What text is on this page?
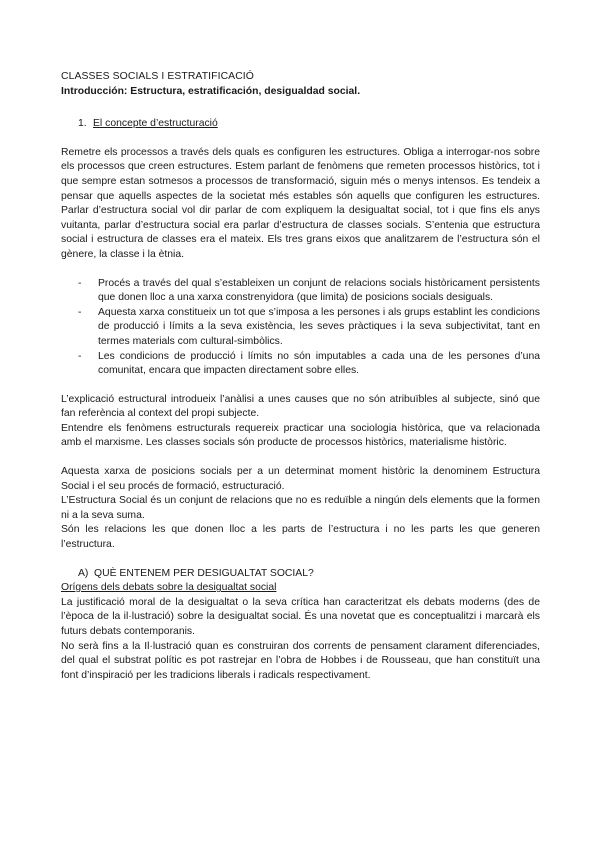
CLASSES SOCIALS I ESTRATIFICACIÓ
Introducción: Estructura, estratificación, desigualdad social.
1. El concepte d’estructuració

Remetre els processos a través dels quals es configuren les estructures. Obliga a interrogar-nos sobre els processos que creen estructures. Estem parlant de fenòmens que remeten processos històrics, tot i que sempre estan sotmesos a processos de transformació, siguin més o menys intensos. Es tendeix a pensar que aquells aspectes de la societat més estables són aquells que configuren les estructures. Parlar d’estructura social vol dir parlar de com expliquem la desigualtat social, tot i que fins els anys vuitanta, parlar d’estructura social era parlar d’estructura de classes socials. S’entenia que estructura social i estructura de classes era el mateix. Els tres grans eixos que analitzarem de l’estructura són el gènere, la classe i la ètnia.

- Procés a través del qual s’estableixen un conjunt de relacions socials històricament persistents que donen lloc a una xarxa constrenyidora (que limita) de posicions socials desiguals.
- Aquesta xarxa constitueix un tot que s’imposa a les persones i als grups establint les condicions de producció i límits a la seva existència, les seves pràctiques i la seva subjectivitat, tant en termes materials com cultural-simbòlics.
- Les condicions de producció i límits no són imputables a cada una de les persones d’una comunitat, encara que impacten directament sobre elles.

L’explicació estructural introdueix l’anàlisi a unes causes que no són atribuïbles al subjecte, sinó que fan referència al context del propi subjecte.

Entendre els fenòmens estructurals requereix practicar una sociologia històrica, que va relacionada amb el marxisme. Les classes socials són producte de processos històrics, materialisme històric.

Aquesta xarxa de posicions socials per a un determinat moment històric la denominem Estructura Social i el seu procés de formació, estructuració.

L’Estructura Social és un conjunt de relacions que no es reduïble a ningún dels elements que la formen ni a la seva suma.

Són les relacions les que donen lloc a les parts de l’estructura i no les parts les que generen l’estructura.

A) QUÈ ENTENEM PER DESIGUALTAT SOCIAL?
Orígens dels debats sobre la desigualtat social

La justificació moral de la desigualtat o la seva crítica han caracteritzat els debats moderns (des de l’època de la il·lustració) sobre la desigualtat social. És una novetat que es conceptualitzi i marcarà els futurs debats contemporanis.

No serà fins a la Il·lustració quan es construiran dos corrents de pensament clarament diferenciades, del qual el substrat polític es pot rastrejar en l’obra de Hobbes i de Rousseau, que han constituït una font d’inspiració per les tradicions liberals i radicals respectivament.
